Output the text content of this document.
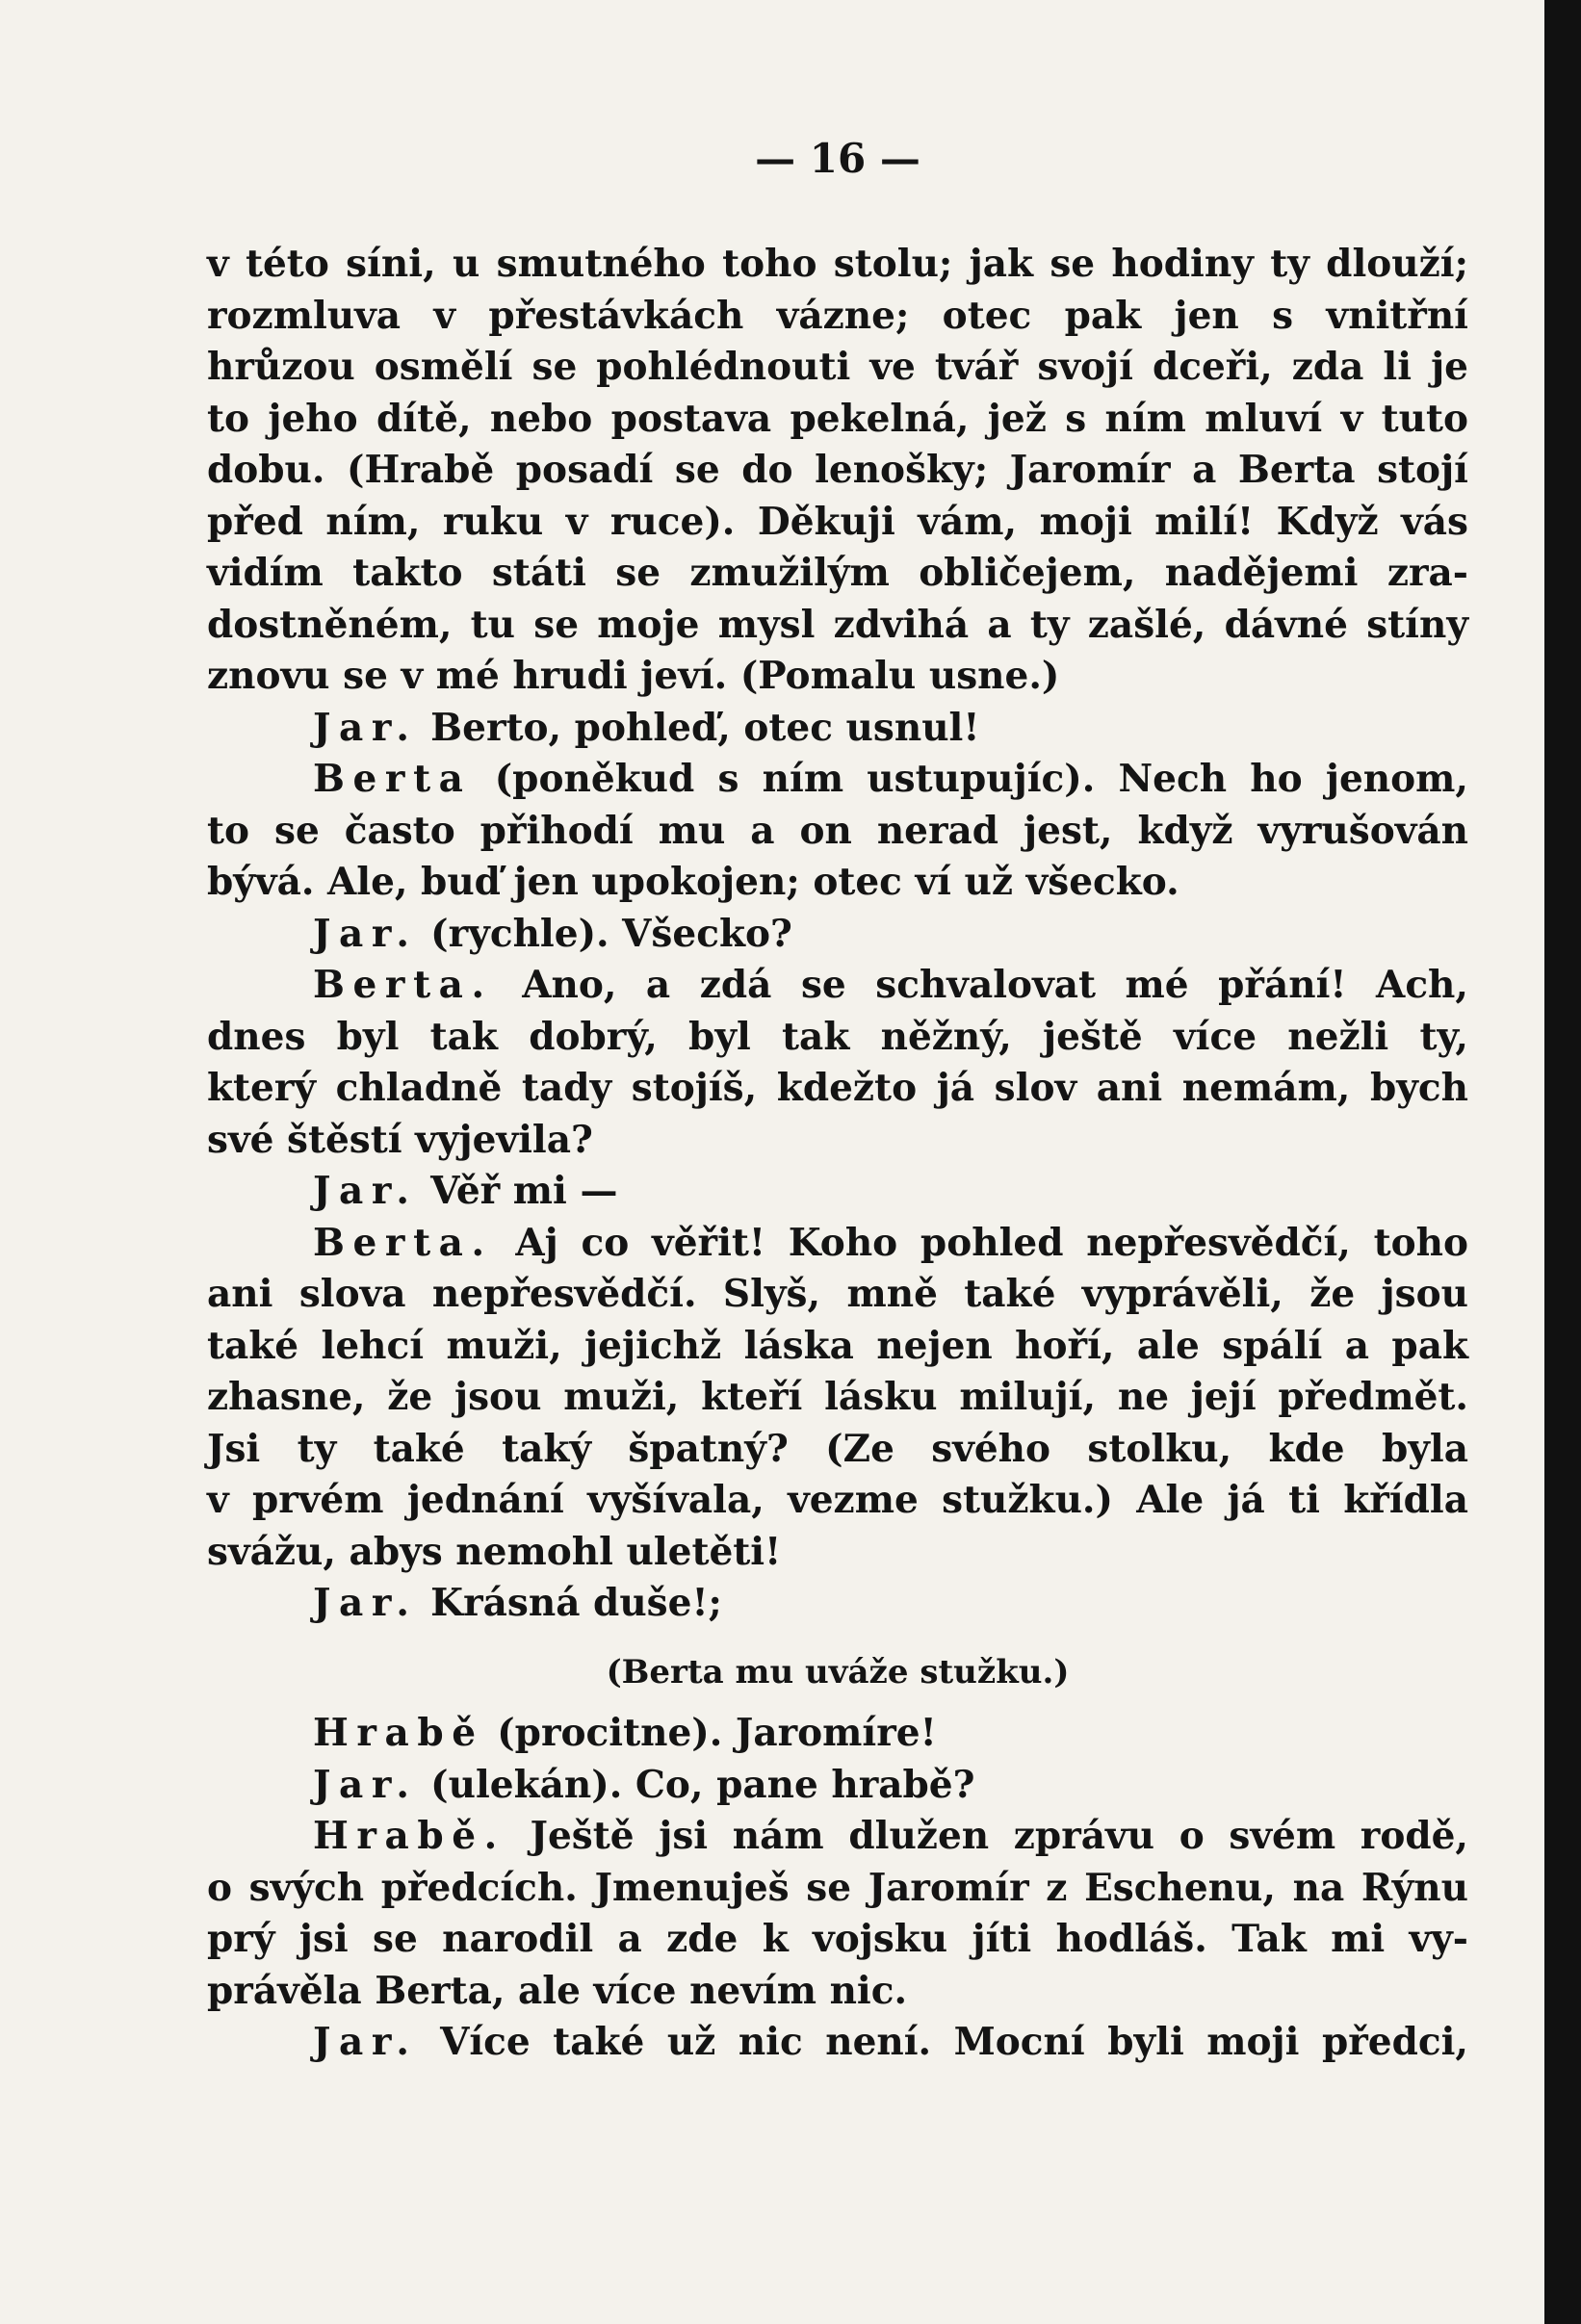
— 16 —
v této síni, u smutného toho stolu; jak se hodiny ty dlouží;
rozmluva v přestávkách vázne; otec pak jen s vnitřní
hrůzou osmělí se pohlédnouti ve tvář svojí dceři, zda li je
to jeho dítě, nebo postava pekelná, jež s ním mluví v tuto
dobu. (Hrabě posadí se do lenošky; Jaromír a Berta stojí
před ním, ruku v ruce). Děkuji vám, moji milí! Když vás
vidím takto státi se zmužilým obličejem, nadějemi zra-
dostněném, tu se moje mysl zdvihá a ty zašlé, dávné stíny
znovu se v mé hrudi jeví. (Pomalu usne.)
Jar. Berto, pohleď, otec usnul!
Berta (poněkud s ním ustupujíc). Nech ho jenom,
to se často přihodí mu a on nerad jest, když vyrušován
bývá. Ale, buď jen upokojen; otec ví už všecko.
Jar. (rychle). Všecko?
Berta. Ano, a zdá se schvalovat mé přání! Ach,
dnes byl tak dobrý, byl tak něžný, ještě více nežli ty,
který chladně tady stojíš, kdežto já slov ani nemám, bych
své štěstí vyjevila?
Jar. Věř mi —
Berta. Aj co věřit! Koho pohled nepřesvědčí, toho
ani slova nepřesvědčí. Slyš, mně také vyprávěli, že jsou
také lehcí muži, jejichž láska nejen hoří, ale spálí a pak
zhasne, že jsou muži, kteří lásku milují, ne její předmět.
Jsi ty také taký špatný? (Ze svého stolku, kde byla
v prvém jednání vyšívala, vezme stužku.) Ale já ti křídla
svážu, abys nemohl uletěti!
Jar. Krásná duše!;
(Berta mu uváže stužku.)
Hrabě (procitne). Jaromíre!
Jar. (ulekán). Co, pane hrabě?
Hrabě. Ještě jsi nám dlužen zprávu o svém rodě,
o svých předcích. Jmenuješ se Jaromír z Eschenu, na Rýnu
prý jsi se narodil a zde k vojsku jíti hodláš. Tak mi vy-
právěla Berta, ale více nevím nic.
Jar. Více také už nic není. Mocní byli moji předci,
